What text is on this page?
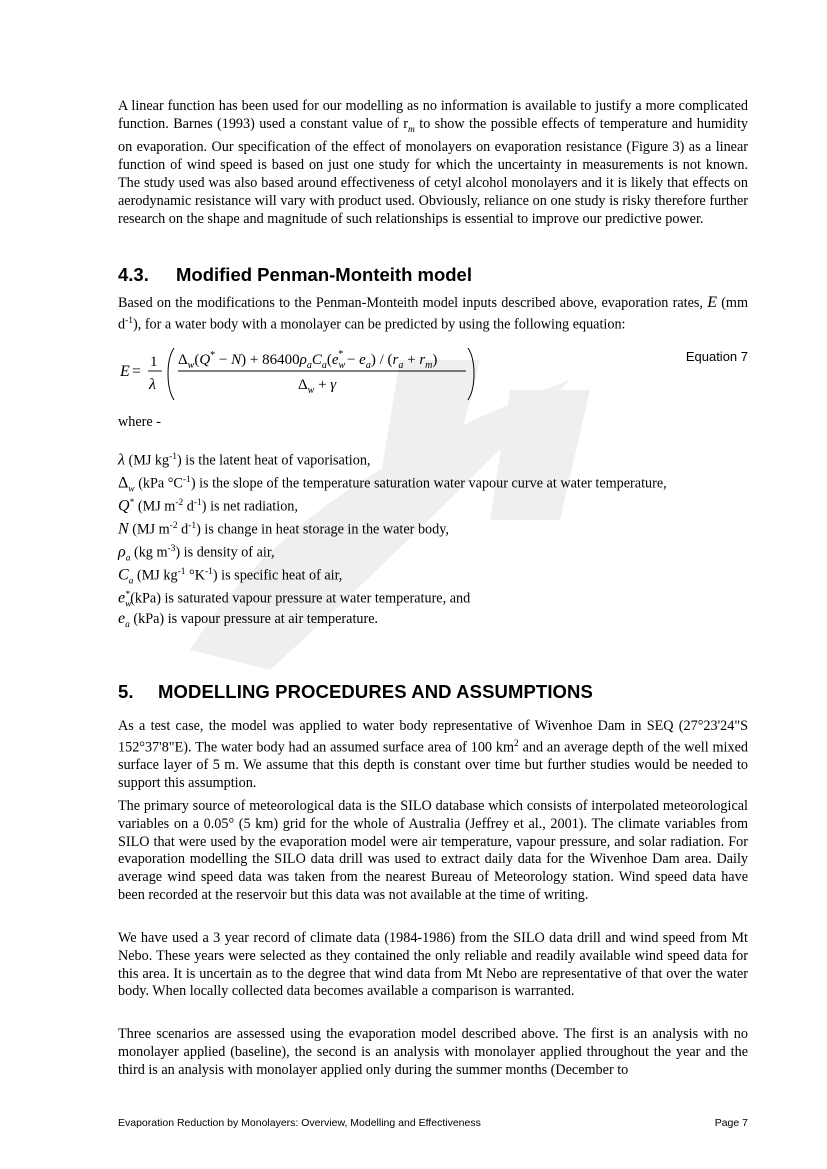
A linear function has been used for our modelling as no information is available to justify a more complicated function. Barnes (1993) used a constant value of $r_m$ to show the possible effects of temperature and humidity on evaporation. Our specification of the effect of monolayers on evaporation resistance (Figure 3) as a linear function of wind speed is based on just one study for which the uncertainty in measurements is not known. The study used was also based around effectiveness of cetyl alcohol monolayers and it is likely that effects on aerodynamic resistance will vary with product used. Obviously, reliance on one study is risky therefore further research on the shape and magnitude of such relationships is essential to improve our predictive power.

4.3. Modified Penman-Monteith model

Based on the modifications to the Penman-Monteith model inputs described above, evaporation rates, E (mm $d^{-1}$), for a water body with a monolayer can be predicted by using the following equation:

E =
1
λ
$\Delta_w(Q^* - N) + 86400\rho_aC_a(e_w* - e_a) / (r_a + r_m)$
$\Delta_w + \gamma$
Equation 7
where -
λ (MJ $kg^{-1}$) is the latent heat of vaporisation,
$\Delta_w$ (kPa $^\circ C^{-1}$) is the slope of the temperature saturation water vapour curve at water temperature,
Q* (MJ $m^{-2}$ $d^{-1}$) is net radiation,
N (MJ $m^{-2}$ $d^{-1}$) is change in heat storage in the water body,
$\rho_a$ (kg $m^{-3}$) is density of air,
$C_a$ (MJ $kg^{-1}$ $^\circ K^{-1}$) is specific heat of air,
$e_w^*(kPa)$ is saturated vapour pressure at water temperature, and
$e_a$ (kPa) is vapour pressure at air temperature.
5. MODELLING PROCEDURES AND ASSUMPTIONS

As a test case, the model was applied to water body representative of Wivenhoe Dam in SEQ (27°23'24"S 152°37'8"E). The water body had an assumed surface area of 100 $km^2$ and an average depth of the well mixed surface layer of 5 m. We assume that this depth is constant over time but further studies would be needed to support this assumption.

The primary source of meteorological data is the SILO database which consists of interpolated meteorological variables on a 0.05° (5 km) grid for the whole of Australia (Jeffrey et al., 2001). The climate variables from SILO that were used by the evaporation model were air temperature, vapour pressure, and solar radiation. For evaporation modelling the SILO data drill was used to extract daily data for the Wivenhoe Dam area. Daily average wind speed data was taken from the nearest Bureau of Meteorology station. Wind speed data have been recorded at the reservoir but this data was not available at the time of writing.

We have used a 3 year record of climate data (1984-1986) from the SILO data drill and wind speed from Mt Nebo. These years were selected as they contained the only reliable and readily available wind speed data for this area. It is uncertain as to the degree that wind data from Mt Nebo are representative of that over the water body. When locally collected data becomes available a comparison is warranted.

Three scenarios are assessed using the evaporation model described above. The first is an analysis with no monolayer applied (baseline), the second is an analysis with monolayer applied throughout the year and the third is an analysis with monolayer applied only during the summer months (December to

Evaporation Reduction by Monolayers: Overview, Modelling and Effectiveness	Page 7
